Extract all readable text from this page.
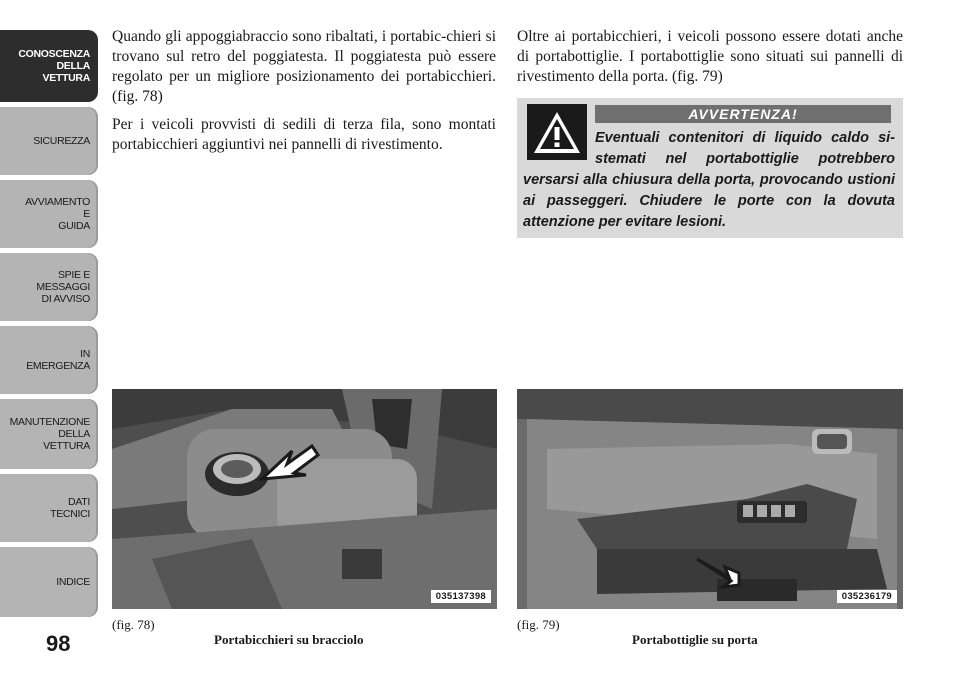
CONOSCENZA
DELLA
VETTURA
SICUREZZA
AVVIAMENTO
E
GUIDA
SPIE E
MESSAGGI
DI AVVISO
IN
EMERGENZA
MANUTENZIONE
DELLA
VETTURA
DATI
TECNICI
INDICE
98

Quando gli appoggiabraccio sono ribaltati, i portabic-chieri si trovano sul retro del poggiatesta. Il poggiatesta può essere regolato per un migliore posizionamento dei portabicchieri. (fig. 78)

Per i veicoli provvisti di sedili di terza fila, sono montati portabicchieri aggiuntivi nei pannelli di rivestimento.

Oltre ai portabicchieri, i veicoli possono essere dotati anche di portabottiglie. I portabottiglie sono situati sui pannelli di rivestimento della porta. (fig. 79)

AVVERTENZA!
Eventuali contenitori di liquido caldo si-stemati nel portabottiglie potrebbero versarsi alla chiusura della porta, provocando ustioni ai passeggeri. Chiudere le porte con la dovuta attenzione per evitare lesioni.
035137398	035236179
(fig. 78)
Portabicchieri su bracciolo
(fig. 79)
Portabottiglie su porta
